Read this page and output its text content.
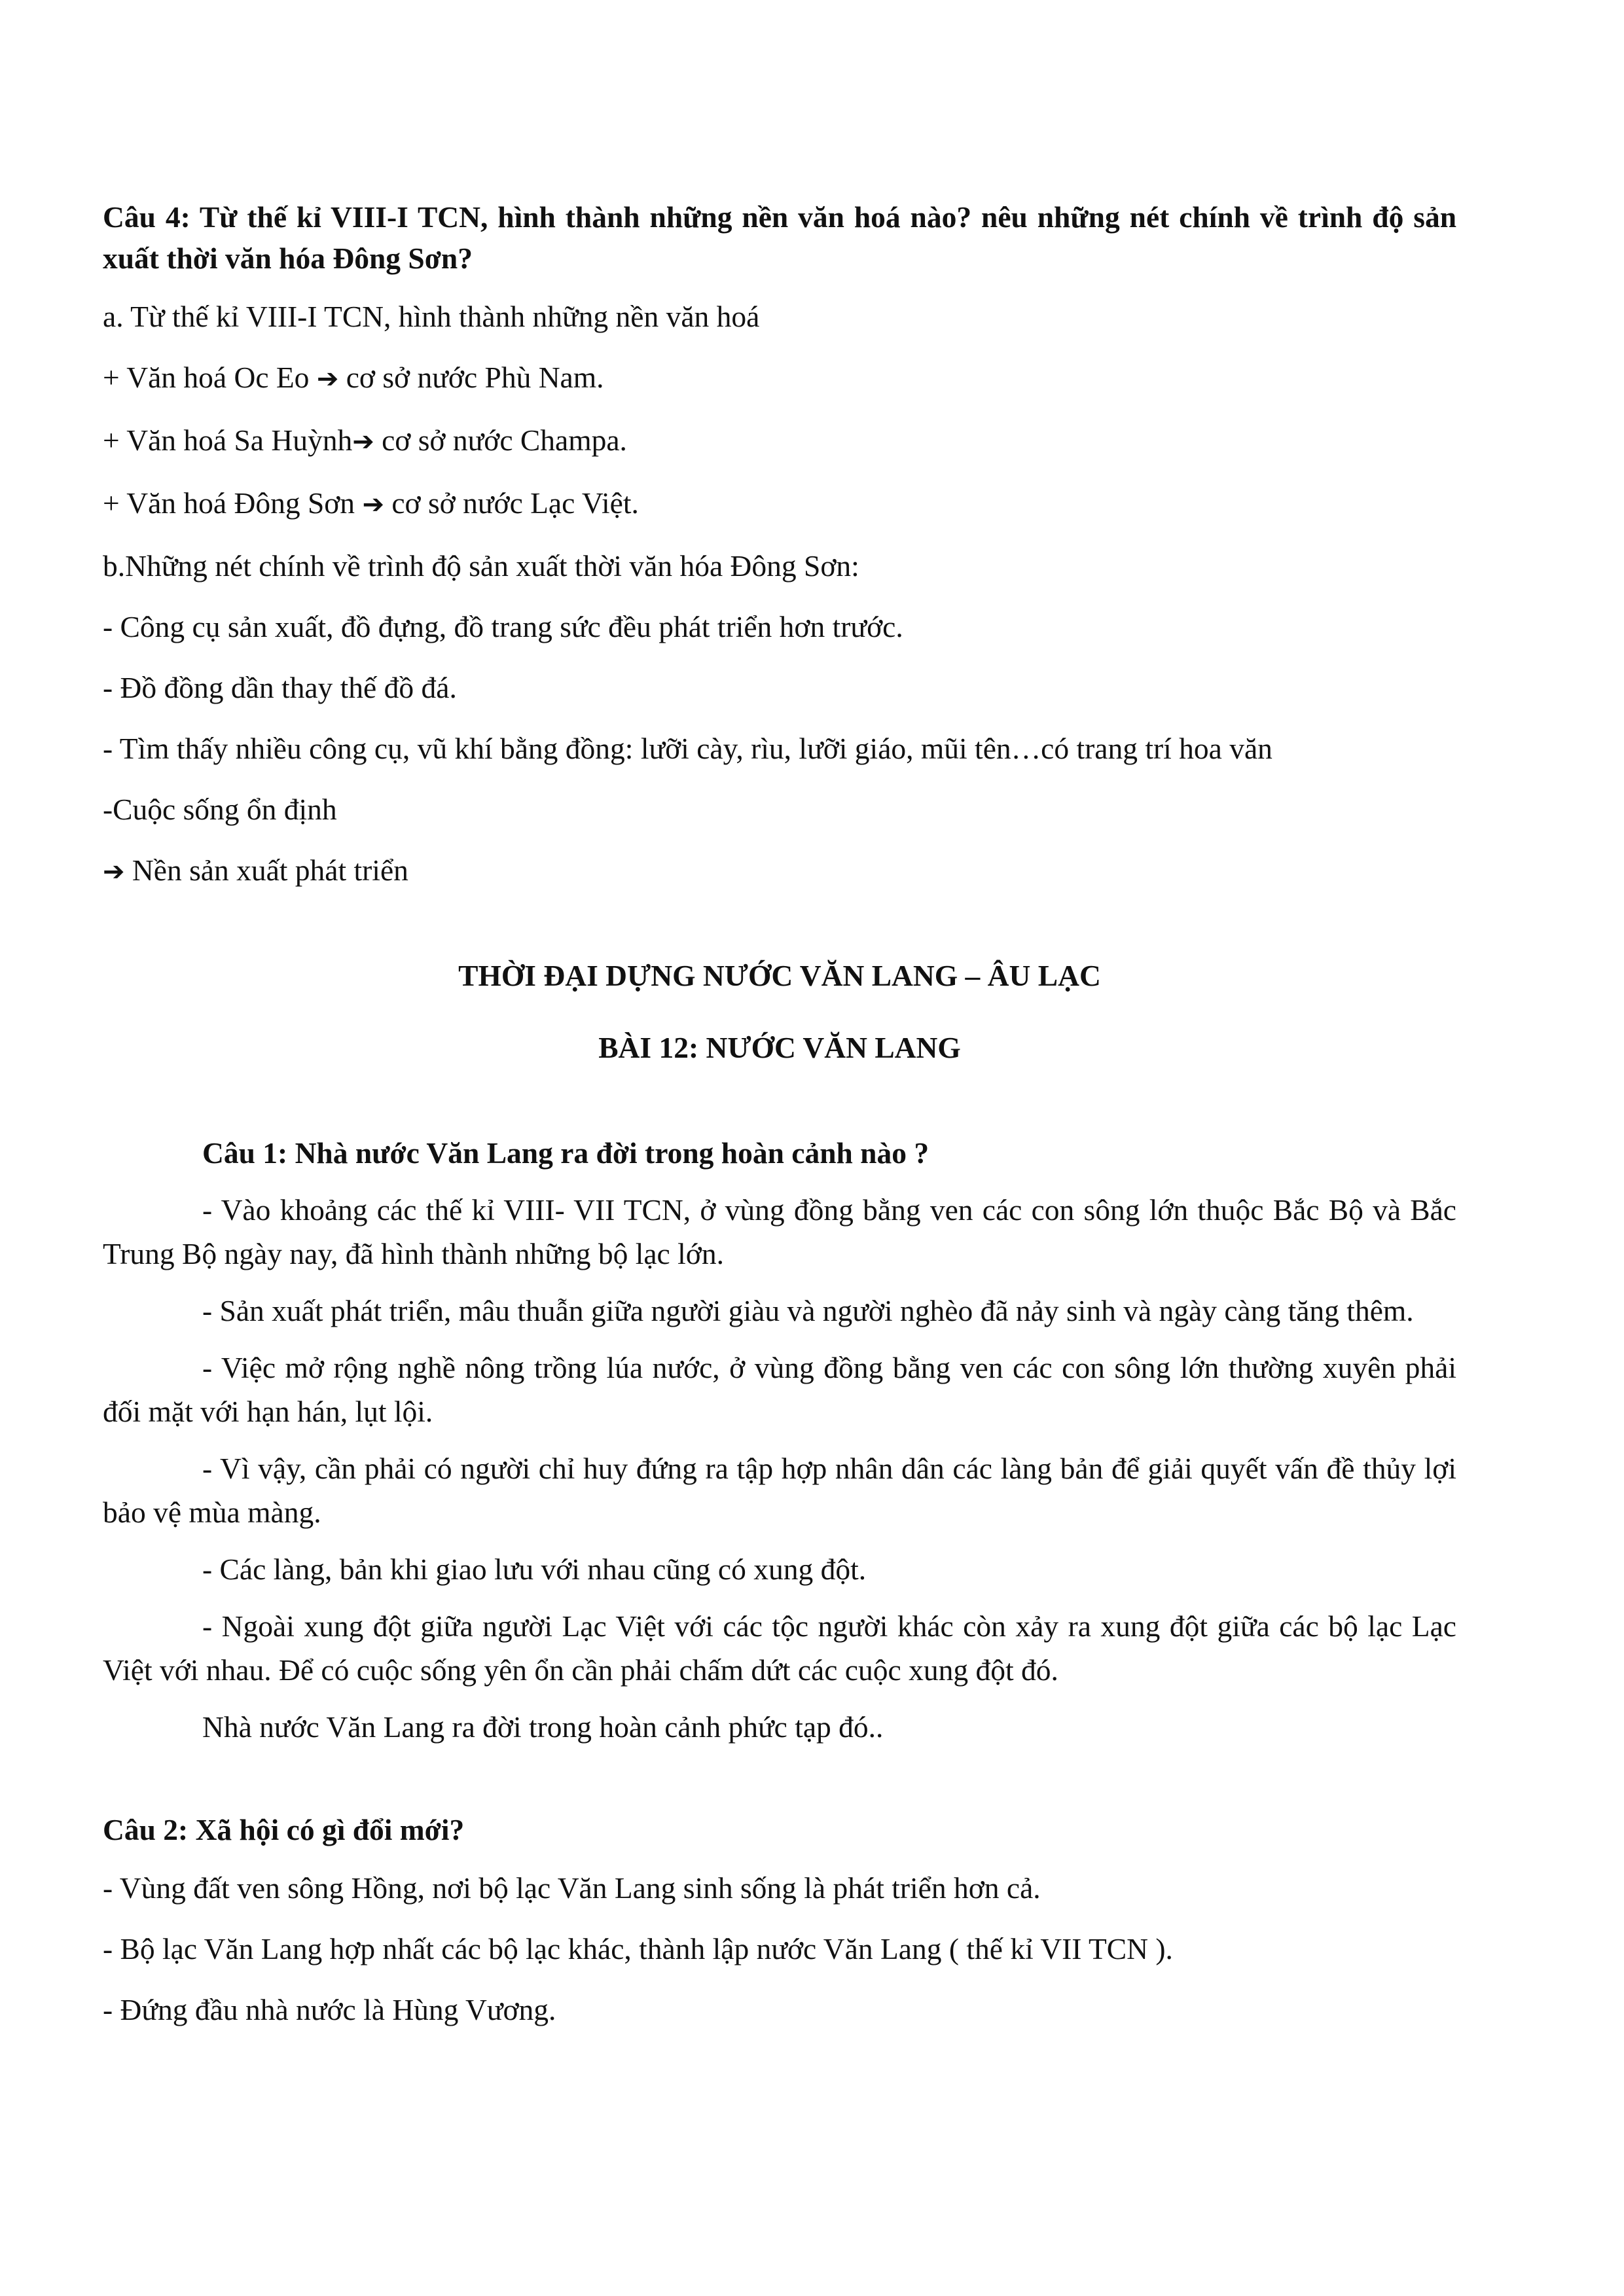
Câu 4: Từ thế kỉ VIII-I TCN, hình thành những nền văn hoá nào? nêu những nét chính về trình độ sản xuất thời văn hóa Đông Sơn?

a. Từ thế kỉ VIII-I TCN, hình thành những nền văn hoá

+ Văn hoá Oc Eo ➔ cơ sở nước Phù Nam.

+ Văn hoá Sa Huỳnh➔ cơ sở nước Champa.

+ Văn hoá Đông Sơn ➔ cơ sở nước Lạc Việt.

b.Những nét chính về trình độ sản xuất thời văn hóa Đông Sơn:

- Công cụ sản xuất, đồ đựng, đồ trang sức đều phát triển hơn trước.

- Đồ đồng dần thay thế đồ đá.

- Tìm thấy nhiều công cụ, vũ khí bằng đồng: lưỡi cày, rìu, lưỡi giáo, mũi tên…có trang trí hoa văn

-Cuộc sống ổn định

➔ Nền sản xuất phát triển

THỜI ĐẠI DỰNG NƯỚC VĂN LANG – ÂU LẠC

BÀI 12: NƯỚC VĂN LANG

Câu 1: Nhà nước Văn Lang ra đời trong hoàn cảnh nào ?

- Vào khoảng các thế kỉ VIII- VII TCN, ở vùng đồng bằng ven các con sông lớn thuộc Bắc Bộ và Bắc Trung Bộ ngày nay, đã hình thành những bộ lạc lớn.

- Sản xuất phát triển, mâu thuẫn giữa người giàu và người nghèo đã nảy sinh và ngày càng tăng thêm.

- Việc mở rộng nghề nông trồng lúa nước, ở vùng đồng bằng ven các con sông lớn thường xuyên phải đối mặt với hạn hán, lụt lội.

- Vì vậy, cần phải có người chỉ huy đứng ra tập hợp nhân dân các làng bản để giải quyết vấn đề thủy lợi bảo vệ mùa màng.

- Các làng, bản khi giao lưu với nhau cũng có xung đột.

- Ngoài xung đột giữa người Lạc Việt với các tộc người khác còn xảy ra xung đột giữa các bộ lạc Lạc Việt với nhau. Để có cuộc sống yên ổn cần phải chấm dứt các cuộc xung đột đó.

Nhà nước Văn Lang ra đời trong hoàn cảnh phức tạp đó..

Câu 2: Xã hội có gì đổi mới?

- Vùng đất ven sông Hồng, nơi bộ lạc Văn Lang sinh sống là phát triển hơn cả.

- Bộ lạc Văn Lang hợp nhất các bộ lạc khác, thành lập nước Văn Lang ( thế kỉ VII TCN ).

- Đứng đầu nhà nước là Hùng Vương.
